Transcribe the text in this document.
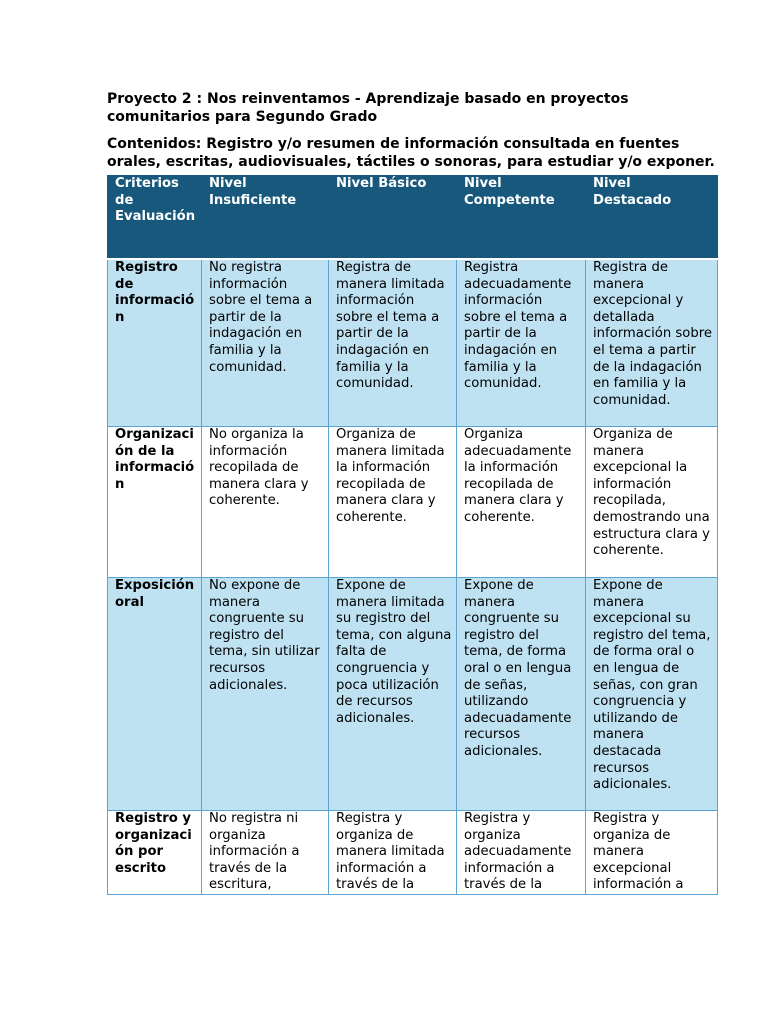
Proyecto 2 : Nos reinventamos - Aprendizaje basado en proyectos
comunitarios para Segundo Grado

Contenidos: Registro y/o resumen de información consultada en fuentes orales, escritas, audiovisuales, táctiles o sonoras, para estudiar y/o exponer.

Criterios de Evaluación	Nivel Insuficiente	Nivel Básico	Nivel Competente	Nivel Destacado
Registro de información	No registra información sobre el tema a partir de la indagación en familia y la comunidad.	Registra de manera limitada información sobre el tema a partir de la indagación en familia y la comunidad.	Registra adecuadamente información sobre el tema a partir de la indagación en familia y la comunidad.	Registra de manera excepcional y detallada información sobre el tema a partir de la indagación en familia y la comunidad.
Organización de la información	No organiza la información recopilada de manera clara y coherente.	Organiza de manera limitada la información recopilada de manera clara y coherente.	Organiza adecuadamente la información recopilada de manera clara y coherente.	Organiza de manera excepcional la información recopilada, demostrando una estructura clara y coherente.
Exposición oral	No expone de manera congruente su registro del tema, sin utilizar recursos adicionales.	Expone de manera limitada su registro del tema, con alguna falta de congruencia y poca utilización de recursos adicionales.	Expone de manera congruente su registro del tema, de forma oral o en lengua de señas, utilizando adecuadamente recursos adicionales.	Expone de manera excepcional su registro del tema, de forma oral o en lengua de señas, con gran congruencia y utilizando de manera destacada recursos adicionales.
Registro y organización por escrito	No registra ni organiza información a través de la escritura,	Registra y organiza de manera limitada información a través de la	Registra y organiza adecuadamente información a través de la	Registra y organiza de manera excepcional información a
